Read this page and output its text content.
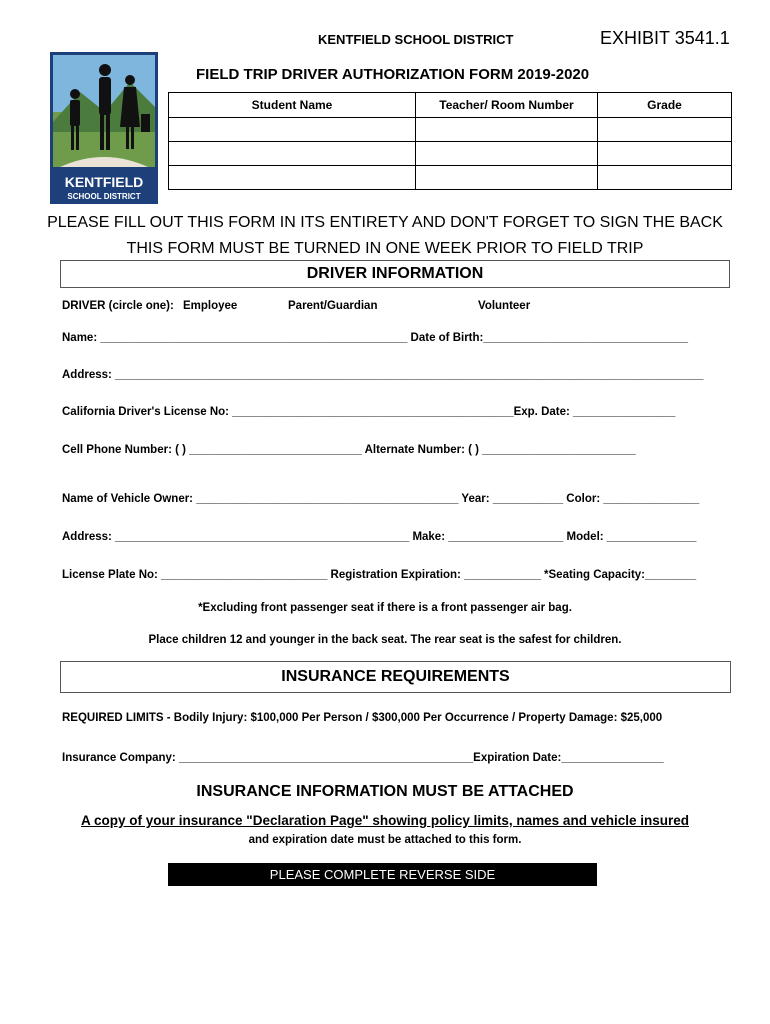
KENTFIELD SCHOOL DISTRICT	EXHIBIT 3541.1
KENTFIELD
SCHOOL DISTRICT
FIELD TRIP DRIVER AUTHORIZATION FORM 2019-2020
Student Name	Teacher/ Room Number	Grade

PLEASE FILL OUT THIS FORM IN ITS ENTIRETY AND DON'T FORGET TO SIGN THE BACK
THIS FORM MUST BE TURNED IN ONE WEEK PRIOR TO FIELD TRIP
DRIVER INFORMATION
DRIVER (circle one): Employee	Parent/Guardian	Volunteer
Name: ________________________________________________ Date of Birth:________________________________
Address: ____________________________________________________________________________________________
California Driver's License No: ____________________________________________Exp. Date: ________________
Cell Phone Number: ( ) ___________________________ Alternate Number: ( ) ________________________
Name of Vehicle Owner: _________________________________________ Year: ___________ Color: _______________
Address: ______________________________________________ Make: __________________ Model: ______________
License Plate No: __________________________ Registration Expiration: ____________ *Seating Capacity:________
*Excluding front passenger seat if there is a front passenger air bag.
Place children 12 and younger in the back seat. The rear seat is the safest for children.
INSURANCE REQUIREMENTS
REQUIRED LIMITS - Bodily Injury: $100,000 Per Person / $300,000 Per Occurrence / Property Damage: $25,000
Insurance Company: ______________________________________________Expiration Date:________________
INSURANCE INFORMATION MUST BE ATTACHED
A copy of your insurance "Declaration Page" showing policy limits, names and vehicle insured
and expiration date must be attached to this form.
PLEASE COMPLETE REVERSE SIDE
